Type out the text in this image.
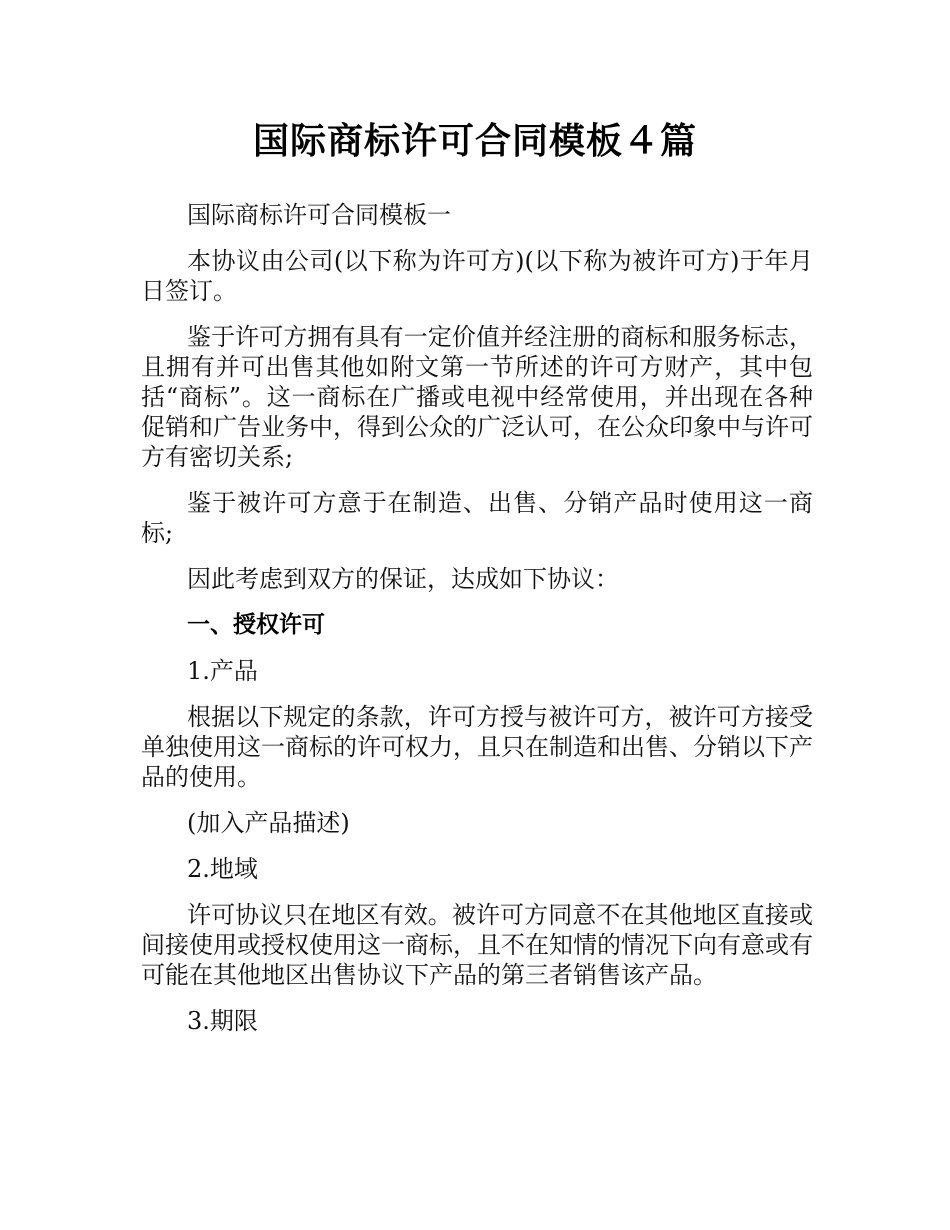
国际商标许可合同模板４篇

国际商标许可合同模板一

本协议由公司(以下称为许可方)(以下称为被许可方)于年月日签订。

鉴于许可方拥有具有一定价值并经注册的商标和服务标志，且拥有并可出售其他如附文第一节所述的许可方财产，其中包括“商标”。这一商标在广播或电视中经常使用，并出现在各种促销和广告业务中，得到公众的广泛认可，在公众印象中与许可方有密切关系;

鉴于被许可方意于在制造、出售、分销产品时使用这一商标;

因此考虑到双方的保证，达成如下协议：

一、授权许可

1.产品

根据以下规定的条款，许可方授与被许可方，被许可方接受单独使用这一商标的许可权力，且只在制造和出售、分销以下产品的使用。

(加入产品描述)

2.地域

许可协议只在地区有效。被许可方同意不在其他地区直接或间接使用或授权使用这一商标，且不在知情的情况下向有意或有可能在其他地区出售协议下产品的第三者销售该产品。

3.期限
